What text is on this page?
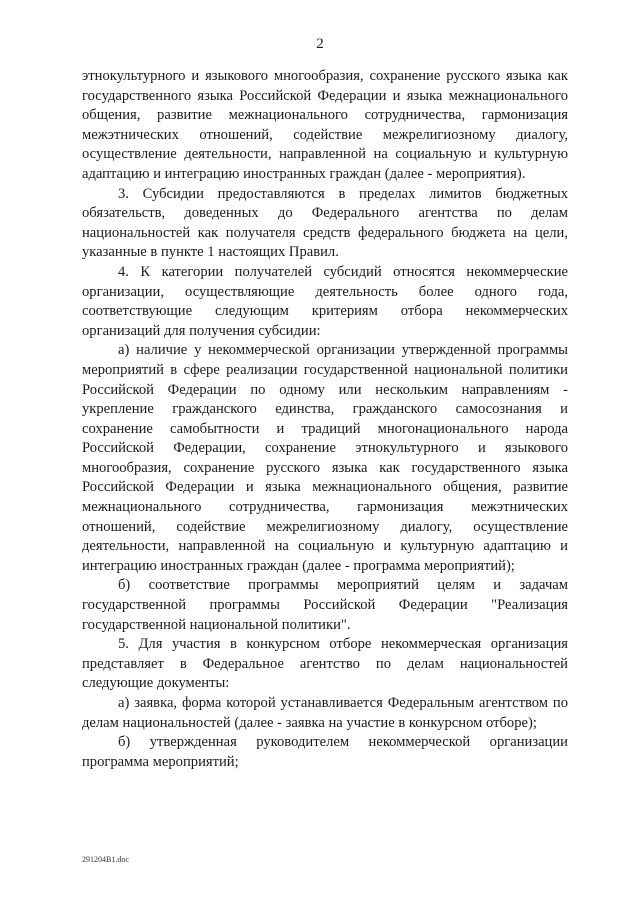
2

этнокультурного и языкового многообразия, сохранение русского языка как государственного языка Российской Федерации и языка межнационального общения, развитие межнационального сотрудничества, гармонизация межэтнических отношений, содействие межрелигиозному диалогу, осуществление деятельности, направленной на социальную и культурную адаптацию и интеграцию иностранных граждан (далее - мероприятия).

3. Субсидии предоставляются в пределах лимитов бюджетных обязательств, доведенных до Федерального агентства по делам национальностей как получателя средств федерального бюджета на цели, указанные в пункте 1 настоящих Правил.

4. К категории получателей субсидий относятся некоммерческие организации, осуществляющие деятельность более одного года, соответствующие следующим критериям отбора некоммерческих организаций для получения субсидии:

а) наличие у некоммерческой организации утвержденной программы мероприятий в сфере реализации государственной национальной политики Российской Федерации по одному или нескольким направлениям - укрепление гражданского единства, гражданского самосознания и сохранение самобытности и традиций многонационального народа Российской Федерации, сохранение этнокультурного и языкового многообразия, сохранение русского языка как государственного языка Российской Федерации и языка межнационального общения, развитие межнационального сотрудничества, гармонизация межэтнических отношений, содействие межрелигиозному диалогу, осуществление деятельности, направленной на социальную и культурную адаптацию и интеграцию иностранных граждан (далее - программа мероприятий);

б) соответствие программы мероприятий целям и задачам государственной программы Российской Федерации "Реализация государственной национальной политики".

5. Для участия в конкурсном отборе некоммерческая организация представляет в Федеральное агентство по делам национальностей следующие документы:

а) заявка, форма которой устанавливается Федеральным агентством по делам национальностей (далее - заявка на участие в конкурсном отборе);

б) утвержденная руководителем некоммерческой организации программа мероприятий;

291204В1.doc
